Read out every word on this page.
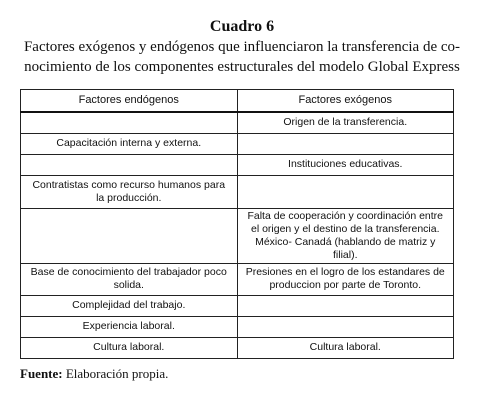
Cuadro 6
Factores exógenos y endógenos que influenciaron la transferencia de co- nocimiento de los componentes estructurales del modelo Global Express
Factores endógenos	Factores exógenos
	Origen de la transferencia.
Capacitación interna y externa.	
	Instituciones educativas.
Contratistas como recurso humanos para la producción.	
	Falta de cooperación y coordinación entre el origen y el destino de la transferencia. México- Canadá (hablando de matriz y filial).
Base de conocimiento del trabajador poco solida.	Presiones en el logro de los estandares de produccion por parte de Toronto.
Complejidad del trabajo.	
Experiencia laboral.	
Cultura laboral.	Cultura laboral.
Fuente: Elaboración propia.
